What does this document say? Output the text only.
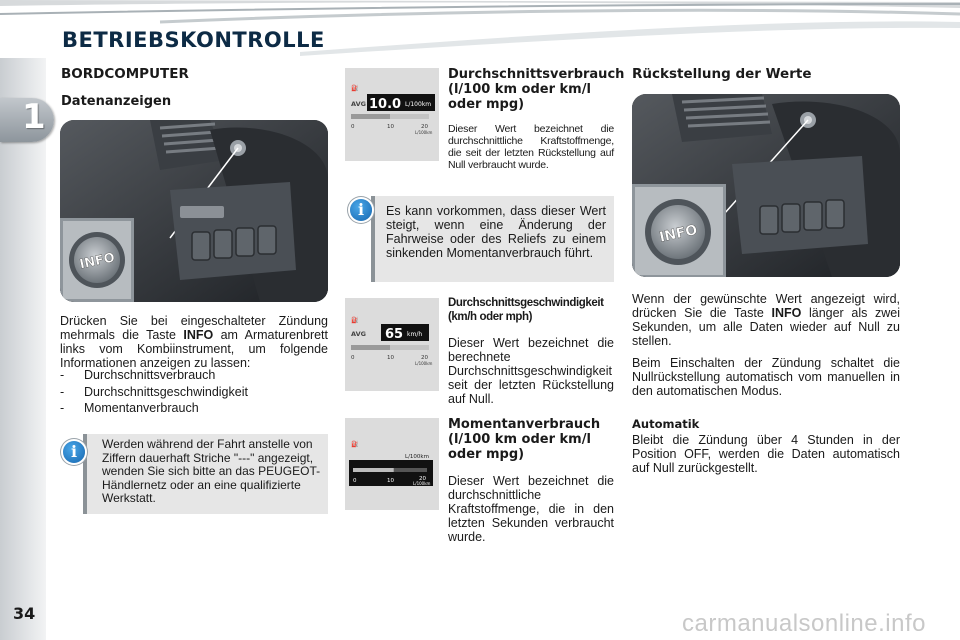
BETRIEBSKONTROLLE
1
34
BORDCOMPUTER
Datenanzeigen
INFO
Drücken Sie bei eingeschalteter Zündung mehrmals die Taste INFO am Armaturenbrett links vom Kombiinstrument, um folgende Informationen anzeigen zu lassen:
- Durchschnittsverbrauch
- Durchschnittsgeschwindigkeit
- Momentanverbrauch
i	Werden während der Fahrt anstelle von Ziffern dauerhaft Striche "---" angezeigt, wenden Sie sich bitte an das PEUGEOT-Händlernetz oder an eine qualifizierte Werkstatt.
⛽
AVG 10.0 L/100km
0	10	20
L/100km
Durchschnittsverbrauch (l/100 km oder km/l oder mpg)
Dieser Wert bezeichnet die durchschnittliche Kraftstoffmenge, die seit der letzten Rückstellung auf Null verbraucht wurde.
i	Es kann vorkommen, dass dieser Wert steigt, wenn eine Änderung der Fahrweise oder des Reliefs zu einem sinkenden Momentanverbrauch führt.
⛽
AVG 65 km/h
0	10	20
L/100km
Durchschnittsgeschwindigkeit (km/h oder mph)
Dieser Wert bezeichnet die berechnete Durchschnittsgeschwindigkeit seit der letzten Rückstellung auf Null.
⛽
L/100km
0	10	20
L/100km
Momentanverbrauch (l/100 km oder km/l oder mpg)
Dieser Wert bezeichnet die durchschnittliche Kraftstoffmenge, die in den letzten Sekunden verbraucht wurde.
Rückstellung der Werte
INFO
Wenn der gewünschte Wert angezeigt wird, drücken Sie die Taste INFO länger als zwei Sekunden, um alle Daten wieder auf Null zu stellen.
Beim Einschalten der Zündung schaltet die Nullrückstellung automatisch vom manuellen in den automatischen Modus.
Automatik
Bleibt die Zündung über 4 Stunden in der Position OFF, werden die Daten automatisch auf Null zurückgestellt.
carmanualsonline.info
